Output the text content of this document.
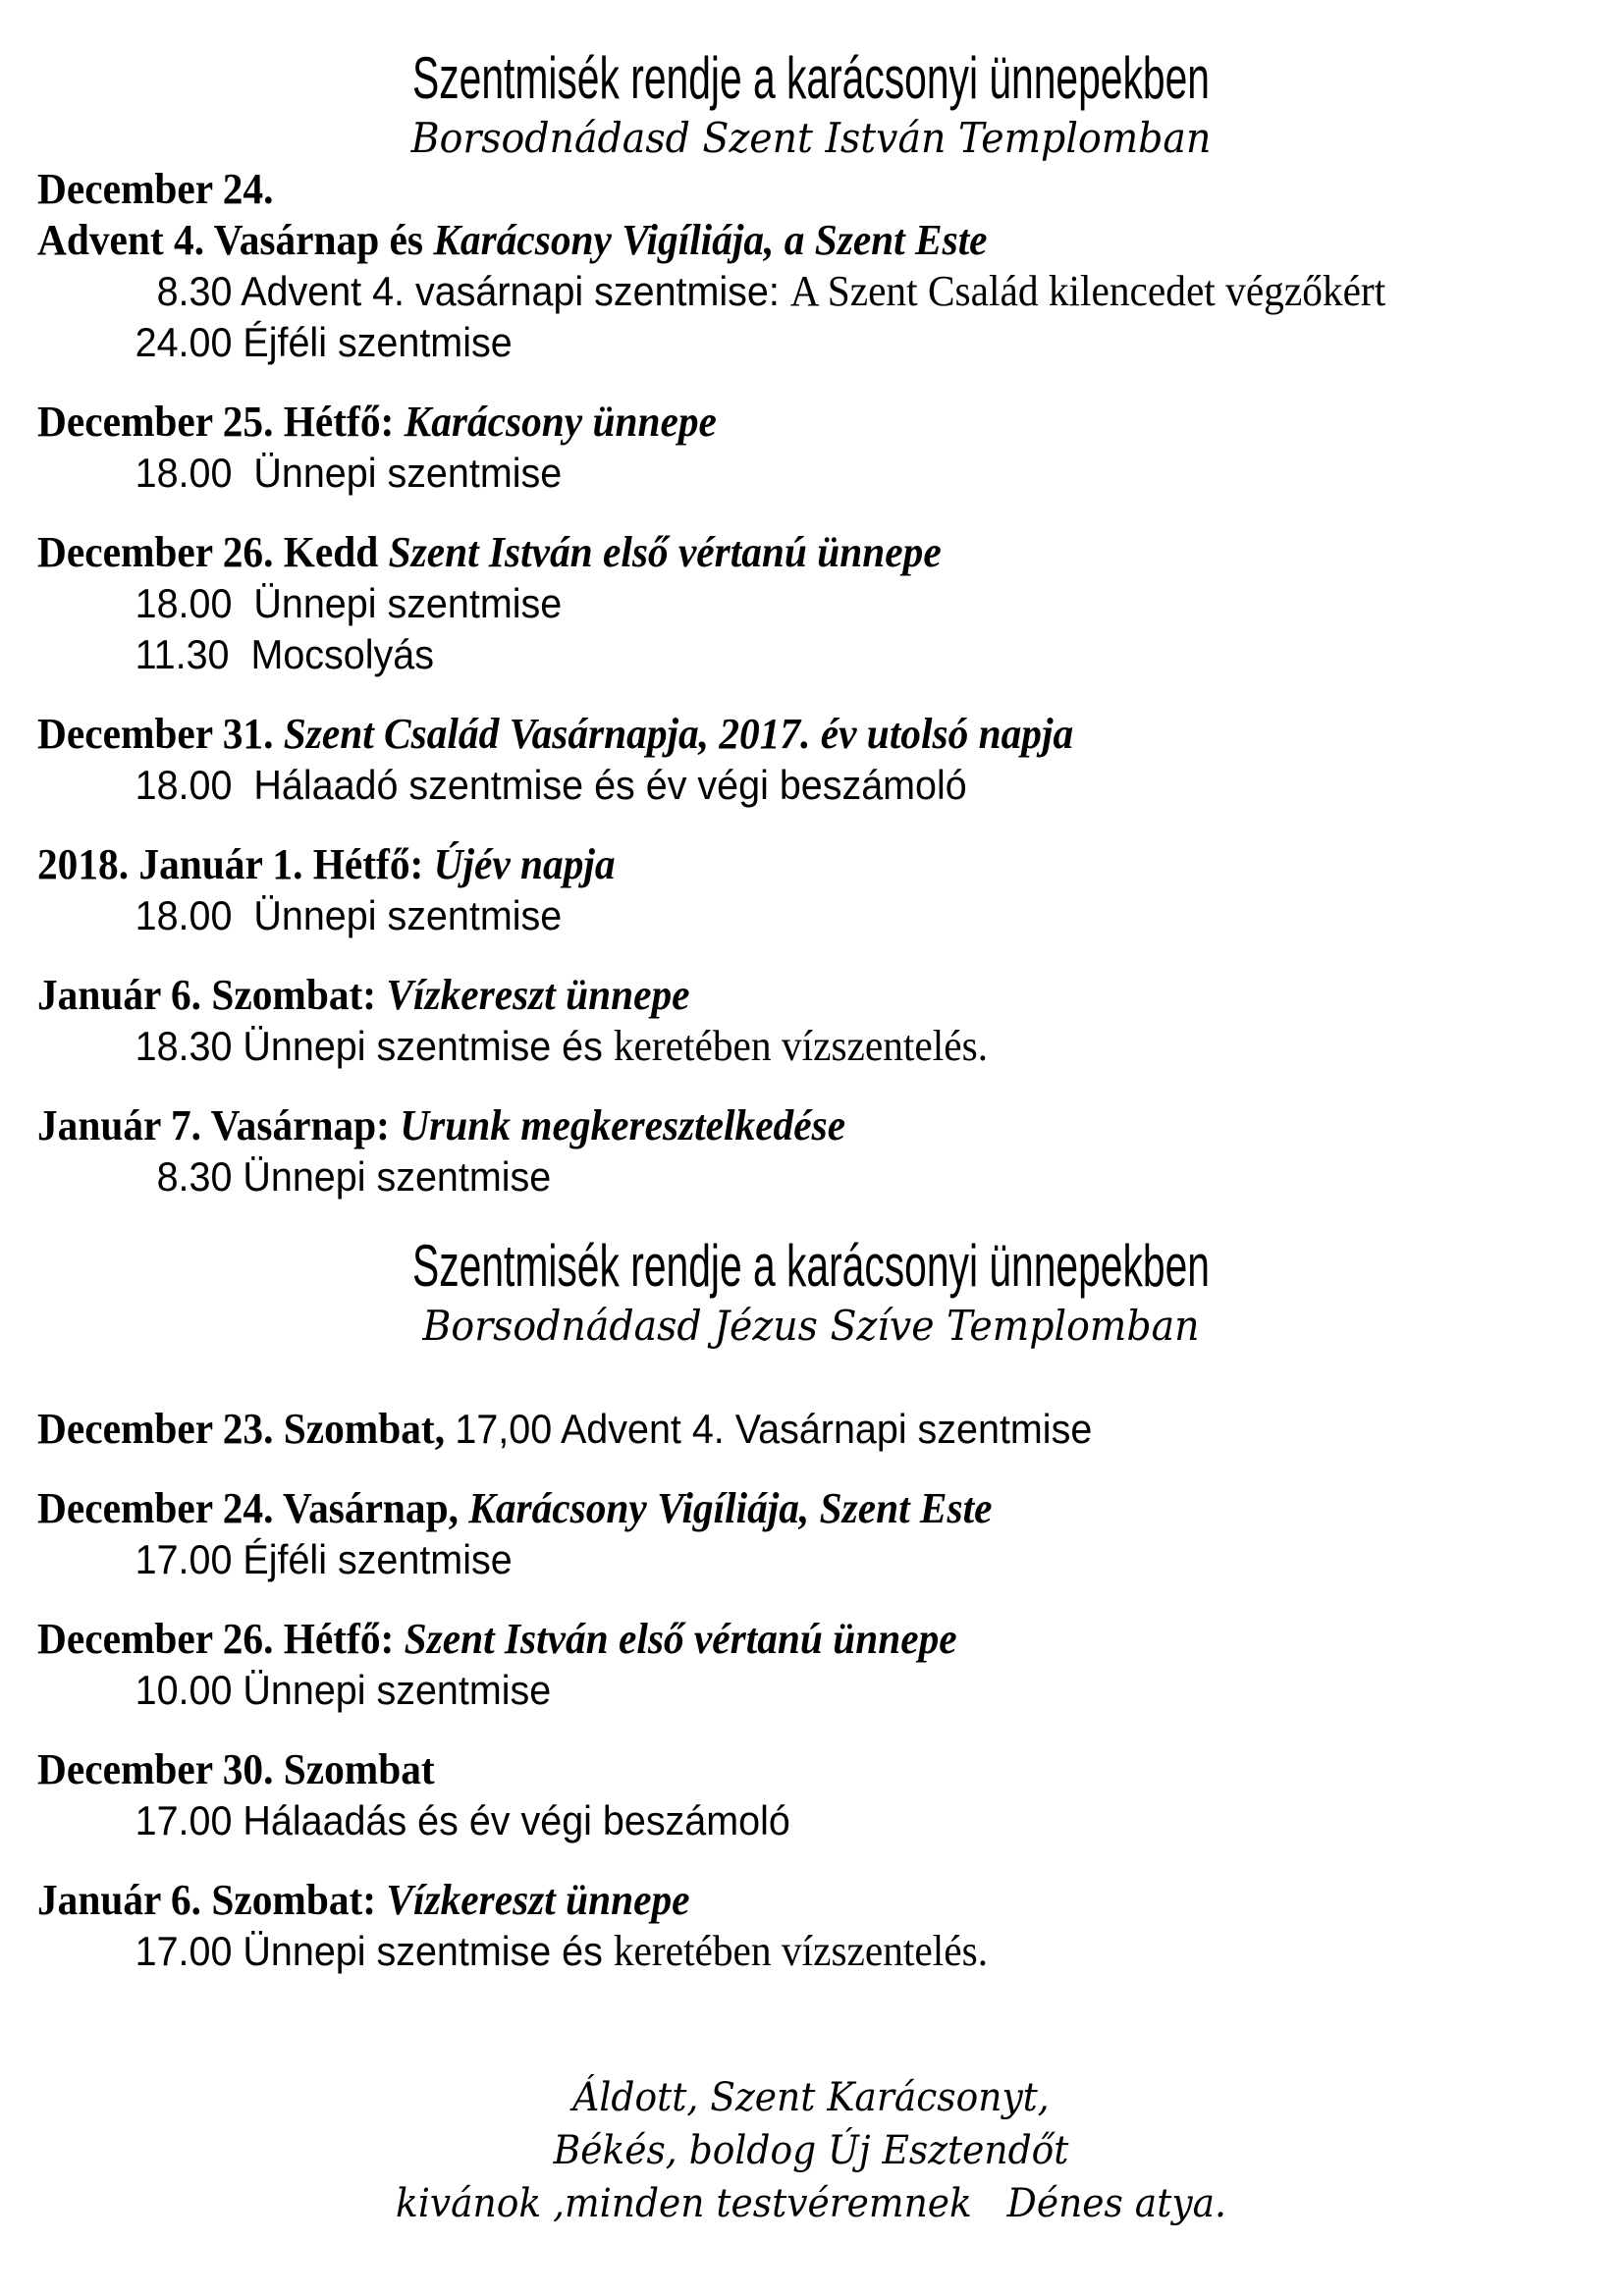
Szentmisék rendje a karácsonyi ünnepekben
Borsodnádasd Szent István Templomban
December 24.
Advent 4. Vasárnap és Karácsony Vigíliája, a Szent Este
8.30 Advent 4. vasárnapi szentmise: A Szent Család kilencedet végzőkért
24.00 Éjféli szentmise
December 25. Hétfő: Karácsony ünnepe
18.00  Ünnepi szentmise
December 26. Kedd Szent István első vértanú ünnepe
18.00  Ünnepi szentmise
11.30  Mocsolyás
December 31. Szent Család Vasárnapja, 2017. év utolsó napja
18.00  Hálaadó szentmise és év végi beszámoló
2018. Január 1. Hétfő: Újév napja
18.00  Ünnepi szentmise
Január 6. Szombat: Vízkereszt ünnepe
18.30 Ünnepi szentmise és keretében vízszentelés.
Január 7. Vasárnap: Urunk megkeresztelkedése
8.30 Ünnepi szentmise
Szentmisék rendje a karácsonyi ünnepekben
Borsodnádasd Jézus Szíve Templomban
December 23. Szombat, 17,00 Advent 4. Vasárnapi szentmise
December 24. Vasárnap, Karácsony Vigíliája, Szent Este
17.00 Éjféli szentmise
December 26. Hétfő: Szent István első vértanú ünnepe
10.00 Ünnepi szentmise
December 30. Szombat
17.00 Hálaadás és év végi beszámoló
Január 6. Szombat: Vízkereszt ünnepe
17.00 Ünnepi szentmise és keretében vízszentelés.
Áldott, Szent Karácsonyt,
Békés, boldog Új Esztendőt
kivánok ,minden testvéremnek   Dénes atya.
